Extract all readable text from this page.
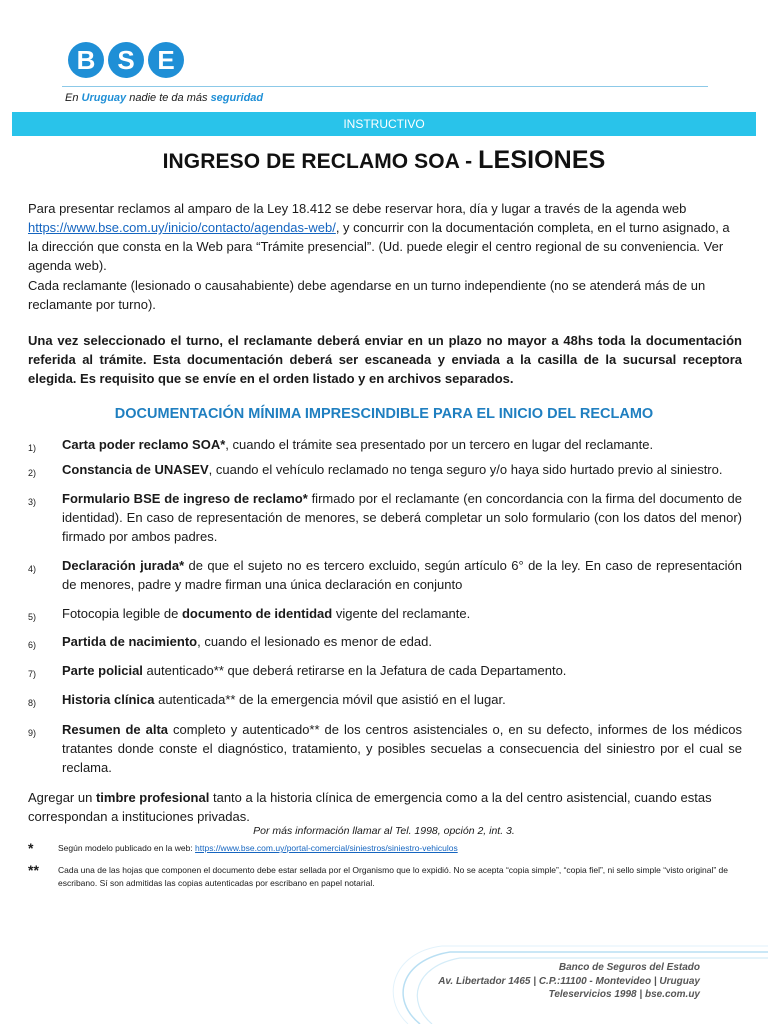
B S E
En Uruguay nadie te da más seguridad
INSTRUCTIVO
INGRESO DE RECLAMO SOA - LESIONES
Para presentar reclamos al amparo de la Ley 18.412 se debe reservar hora, día y lugar a través de la agenda web https://www.bse.com.uy/inicio/contacto/agendas-web/, y concurrir con la documentación completa, en el turno asignado, a la dirección que consta en la Web para “Trámite presencial”. (Ud. puede elegir el centro regional de su conveniencia. Ver agenda web).
Cada reclamante (lesionado o causahabiente) debe agendarse en un turno independiente (no se atenderá más de un reclamante por turno).
Una vez seleccionado el turno, el reclamante deberá enviar en un plazo no mayor a 48hs toda la documentación referida al trámite. Esta documentación deberá ser escaneada y enviada a la casilla de la sucursal receptora elegida. Es requisito que se envíe en el orden listado y en archivos separados.
DOCUMENTACIÓN MÍNIMA IMPRESCINDIBLE PARA EL INICIO DEL RECLAMO
1)	Carta poder reclamo SOA*, cuando el trámite sea presentado por un tercero en lugar del reclamante.
2)	Constancia de UNASEV, cuando el vehículo reclamado no tenga seguro y/o haya sido hurtado previo al siniestro.
3)	Formulario BSE de ingreso de reclamo* firmado por el reclamante (en concordancia con la firma del documento de identidad). En caso de representación de menores, se deberá completar un solo formulario (con los datos del menor) firmado por ambos padres.
4)	Declaración jurada* de que el sujeto no es tercero excluido, según artículo 6° de la ley. En caso de representación de menores, padre y madre firman una única declaración en conjunto
5)	Fotocopia legible de documento de identidad vigente del reclamante.
6)	Partida de nacimiento, cuando el lesionado es menor de edad.
7)	Parte policial autenticado** que deberá retirarse en la Jefatura de cada Departamento.
8)	Historia clínica autenticada** de la emergencia móvil que asistió en el lugar.
9)	Resumen de alta completo y autenticado** de los centros asistenciales o, en su defecto, informes de los médicos tratantes donde conste el diagnóstico, tratamiento, y posibles secuelas a consecuencia del siniestro por el cual se reclama.
Agregar un timbre profesional tanto a la historia clínica de emergencia como a la del centro asistencial, cuando estas correspondan a instituciones privadas.
Por más información llamar al Tel. 1998, opción 2, int. 3.
*	Según modelo publicado en la web: https://www.bse.com.uy/portal-comercial/siniestros/siniestro-vehiculos
**	Cada una de las hojas que componen el documento debe estar sellada por el Organismo que lo expidió. No se acepta “copia simple”, “copia fiel”, ni sello simple “visto original” de escribano. Sí son admitidas las copias autenticadas por escribano en papel notarial.
Banco de Seguros del Estado
Av. Libertador 1465 | C.P.:11100 - Montevideo | Uruguay
Teleservicios 1998 | bse.com.uy
